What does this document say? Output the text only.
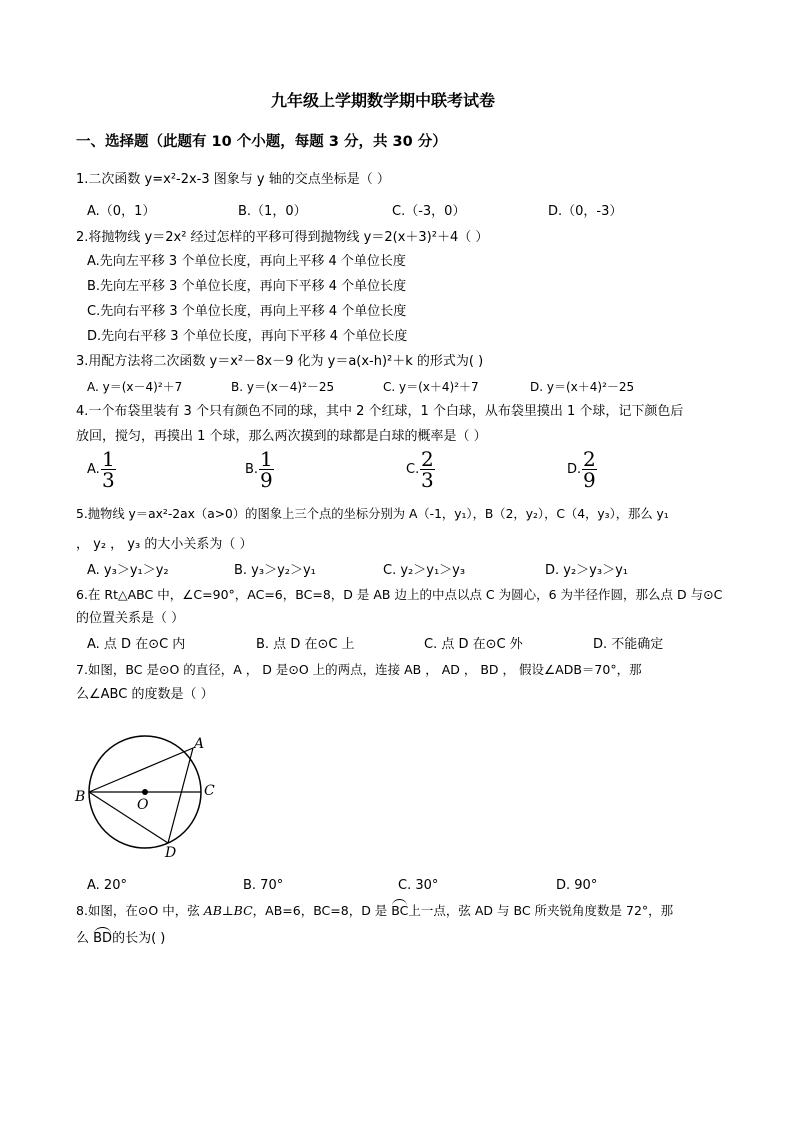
九年级上学期数学期中联考试卷
一、选择题（此题有 10 个小题，每题 3 分，共 30 分）
1.二次函数 y=x²-2x-3 图象与 y 轴的交点坐标是（ ）
A.（0，1）	B.（1，0）	C.（-3，0）	D.（0，-3）
2.将抛物线 y＝2x² 经过怎样的平移可得到抛物线 y＝2(x＋3)²＋4（ ）
A.先向左平移 3 个单位长度，再向上平移 4 个单位长度
B.先向左平移 3 个单位长度，再向下平移 4 个单位长度
C.先向右平移 3 个单位长度，再向上平移 4 个单位长度
D.先向右平移 3 个单位长度，再向下平移 4 个单位长度
3.用配方法将二次函数 y＝x²－8x－9 化为 y＝a(x-h)²＋k 的形式为( )
A. y＝(x－4)²＋7	B. y＝(x－4)²－25	C. y＝(x＋4)²＋7	D. y＝(x＋4)²－25
4.一个布袋里装有 3 个只有颜色不同的球，其中 2 个红球，1 个白球，从布袋里摸出 1 个球，记下颜色后
放回，搅匀，再摸出 1 个球，那么两次摸到的球都是白球的概率是（ ）
A. $\frac{1}{3}$	B. $\frac{1}{9}$	C. $\frac{2}{3}$	D. $\frac{2}{9}$
5.抛物线 y＝ax²-2ax（a>0）的图象上三个点的坐标分别为 A（-1，y₁），B（2，y₂），C（4，y₃），那么 y₁
， y₂ ， y₃ 的大小关系为（ ）
A. y₃＞y₁＞y₂	B. y₃＞y₂＞y₁	C. y₂＞y₁＞y₃	D. y₂＞y₃＞y₁
6.在 Rt△ABC 中，∠C=90°，AC=6，BC=8，D 是 AB 边上的中点以点 C 为圆心，6 为半径作圆，那么点 D 与⊙C
的位置关系是（ ）
A. 点 D 在⊙C 内	B. 点 D 在⊙C 上	C. 点 D 在⊙C 外	D. 不能确定
7.如图，BC 是⊙O 的直径，A ， D 是⊙O 上的两点，连接 AB ， AD ， BD ， 假设∠ADB＝70°，那
么∠ABC 的度数是（ ）
A
B	C
D
O
A. 20°	B. 70°	C. 30°	D. 90°
8.如图，在⊙O 中，弦 AB⊥BC，AB=6，BC=8，D 是 BC上一点，弦 AD 与 BC 所夹锐角度数是 72°，那
么 BD的长为( )
